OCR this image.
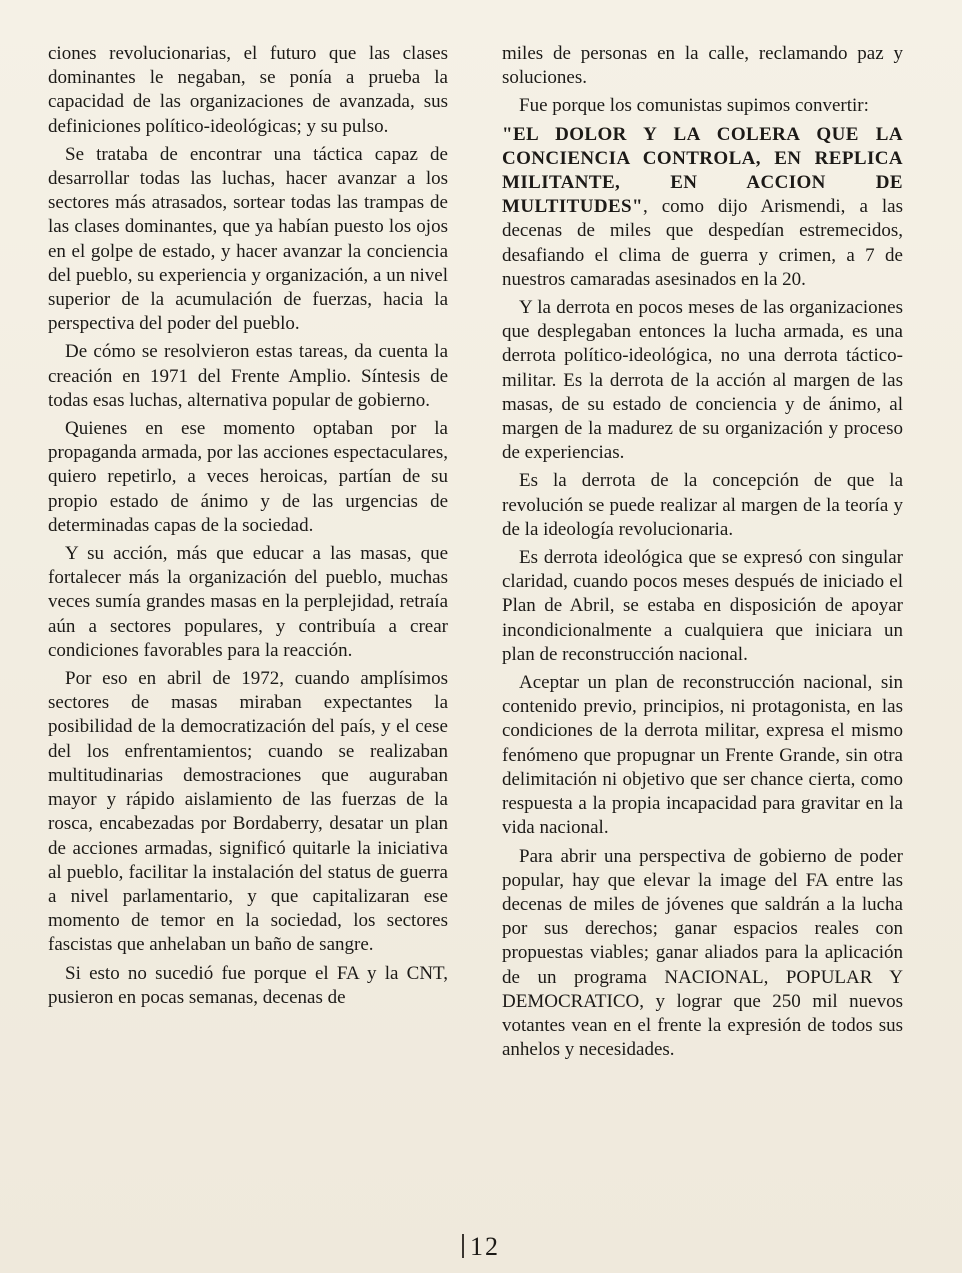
ciones revolucionarias, el futuro que las clases dominantes le negaban, se ponía a prueba la capacidad de las organizaciones de avanzada, sus definiciones político-ideológicas; y su pulso.

Se trataba de encontrar una táctica capaz de desarrollar todas las luchas, hacer avanzar a los sectores más atrasados, sortear todas las trampas de las clases dominantes, que ya habían puesto los ojos en el golpe de estado, y hacer avanzar la conciencia del pueblo, su experiencia y organización, a un nivel superior de la acumulación de fuerzas, hacia la perspectiva del poder del pueblo.

De cómo se resolvieron estas tareas, da cuenta la creación en 1971 del Frente Amplio. Síntesis de todas esas luchas, alternativa popular de gobierno.

Quienes en ese momento optaban por la propaganda armada, por las acciones espectaculares, quiero repetirlo, a veces heroicas, partían de su propio estado de ánimo y de las urgencias de determinadas capas de la sociedad.

Y su acción, más que educar a las masas, que fortalecer más la organización del pueblo, muchas veces sumía grandes masas en la perplejidad, retraía aún a sectores populares, y contribuía a crear condiciones favorables para la reacción.

Por eso en abril de 1972, cuando amplísimos sectores de masas miraban expectantes la posibilidad de la democratización del país, y el cese del los enfrentamientos; cuando se realizaban multitudinarias demostraciones que auguraban mayor y rápido aislamiento de las fuerzas de la rosca, encabezadas por Bordaberry, desatar un plan de acciones armadas, significó quitarle la iniciativa al pueblo, facilitar la instalación del status de guerra a nivel parlamentario, y que capitalizaran ese momento de temor en la sociedad, los sectores fascistas que anhelaban un baño de sangre.

Si esto no sucedió fue porque el FA y la CNT, pusieron en pocas semanas, decenas de

miles de personas en la calle, reclamando paz y soluciones.

Fue porque los comunistas supimos convertir:

"EL DOLOR Y LA COLERA QUE LA CONCIENCIA CONTROLA, EN REPLICA MILITANTE, EN ACCION DE MULTITUDES", como dijo Arismendi, a las decenas de miles que despedían estremecidos, desafiando el clima de guerra y crimen, a 7 de nuestros camaradas asesinados en la 20.

Y la derrota en pocos meses de las organizaciones que desplegaban entonces la lucha armada, es una derrota político-ideológica, no una derrota táctico-militar. Es la derrota de la acción al margen de las masas, de su estado de conciencia y de ánimo, al margen de la madurez de su organización y proceso de experiencias.

Es la derrota de la concepción de que la revolución se puede realizar al margen de la teoría y de la ideología revolucionaria.

Es derrota ideológica que se expresó con singular claridad, cuando pocos meses después de iniciado el Plan de Abril, se estaba en disposición de apoyar incondicionalmente a cualquiera que iniciara un plan de reconstrucción nacional.

Aceptar un plan de reconstrucción nacional, sin contenido previo, principios, ni protagonista, en las condiciones de la derrota militar, expresa el mismo fenómeno que propugnar un Frente Grande, sin otra delimitación ni objetivo que ser chance cierta, como respuesta a la propia incapacidad para gravitar en la vida nacional.

Para abrir una perspectiva de gobierno de poder popular, hay que elevar la image del FA entre las decenas de miles de jóvenes que saldrán a la lucha por sus derechos; ganar espacios reales con propuestas viables; ganar aliados para la aplicación de un programa NACIONAL, POPULAR Y DEMOCRATICO, y lograr que 250 mil nuevos votantes vean en el frente la expresión de todos sus anhelos y necesidades.

12
